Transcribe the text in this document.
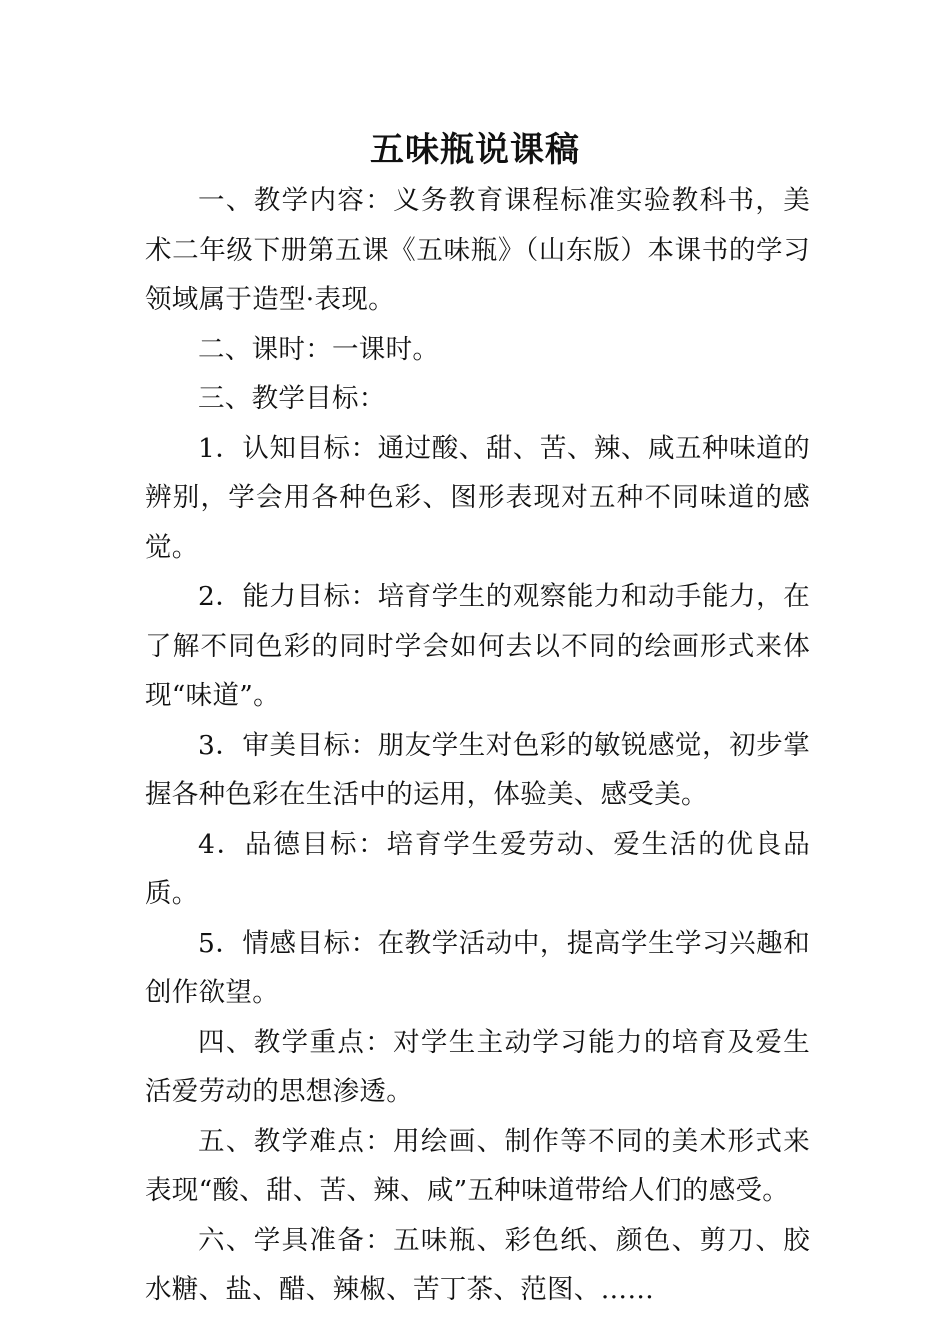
五味瓶说课稿

一、教学内容：义务教育课程标准实验教科书，美术二年级下册第五课《五味瓶》（山东版）本课书的学习领域属于造型·表现。

二、课时：一课时。

三、教学目标：

1．认知目标：通过酸、甜、苦、辣、咸五种味道的辨别，学会用各种色彩、图形表现对五种不同味道的感觉。

2．能力目标：培育学生的观察能力和动手能力，在了解不同色彩的同时学会如何去以不同的绘画形式来体现“味道”。

3．审美目标：朋友学生对色彩的敏锐感觉，初步掌握各种色彩在生活中的运用，体验美、感受美。

4．品德目标：培育学生爱劳动、爱生活的优良品质。

5．情感目标：在教学活动中，提高学生学习兴趣和创作欲望。

四、教学重点：对学生主动学习能力的培育及爱生活爱劳动的思想渗透。

五、教学难点：用绘画、制作等不同的美术形式来表现“酸、甜、苦、辣、咸”五种味道带给人们的感受。

六、学具准备：五味瓶、彩色纸、颜色、剪刀、胶水糖、盐、醋、辣椒、苦丁茶、范图、……
